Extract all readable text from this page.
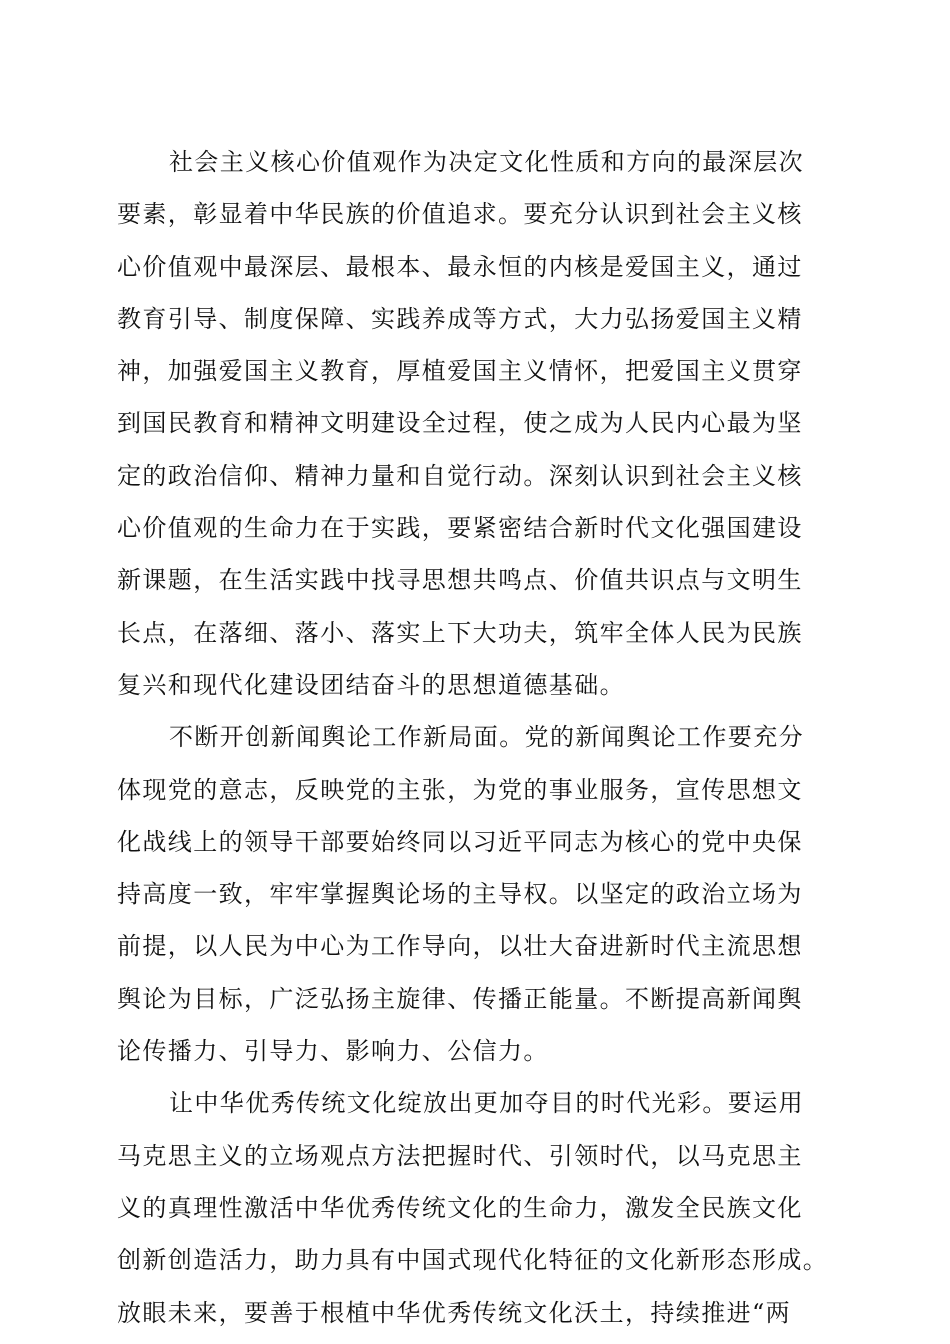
社会主义核心价值观作为决定文化性质和方向的最深层次
要素，彰显着中华民族的价值追求。要充分认识到社会主义核
心价值观中最深层、最根本、最永恒的内核是爱国主义，通过
教育引导、制度保障、实践养成等方式，大力弘扬爱国主义精
神，加强爱国主义教育，厚植爱国主义情怀，把爱国主义贯穿
到国民教育和精神文明建设全过程，使之成为人民内心最为坚
定的政治信仰、精神力量和自觉行动。深刻认识到社会主义核
心价值观的生命力在于实践，要紧密结合新时代文化强国建设
新课题，在生活实践中找寻思想共鸣点、价值共识点与文明生
长点，在落细、落小、落实上下大功夫，筑牢全体人民为民族
复兴和现代化建设团结奋斗的思想道德基础。
不断开创新闻舆论工作新局面。党的新闻舆论工作要充分
体现党的意志，反映党的主张，为党的事业服务，宣传思想文
化战线上的领导干部要始终同以习近平同志为核心的党中央保
持高度一致，牢牢掌握舆论场的主导权。以坚定的政治立场为
前提，以人民为中心为工作导向，以壮大奋进新时代主流思想
舆论为目标，广泛弘扬主旋律、传播正能量。不断提高新闻舆
论传播力、引导力、影响力、公信力。
让中华优秀传统文化绽放出更加夺目的时代光彩。要运用
马克思主义的立场观点方法把握时代、引领时代，以马克思主
义的真理性激活中华优秀传统文化的生命力，激发全民族文化
创新创造活力，助力具有中国式现代化特征的文化新形态形成。
放眼未来，要善于根植中华优秀传统文化沃土，持续推进“两
